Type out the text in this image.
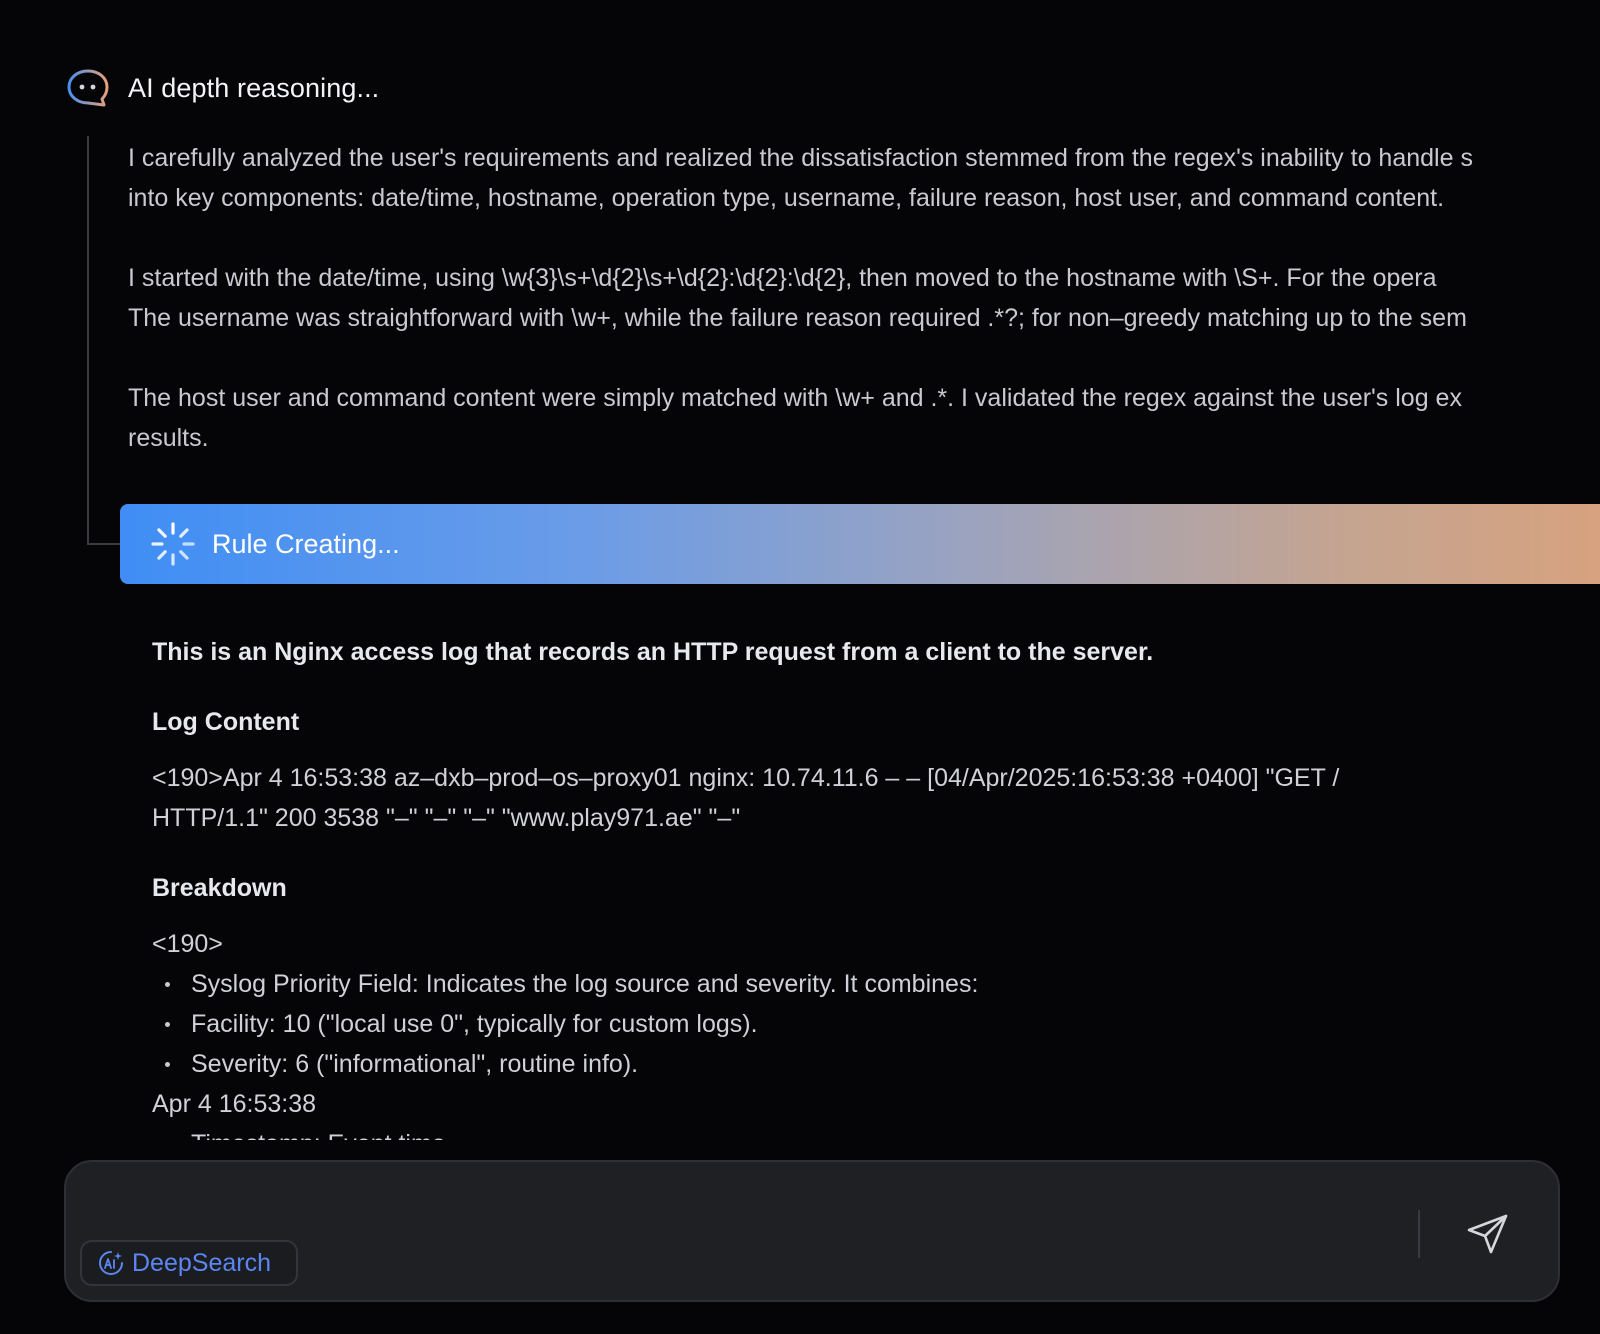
AI depth reasoning...

I carefully analyzed the user's requirements and realized the dissatisfaction stemmed from the regex's inability to handle s
into key components: date/time, hostname, operation type, username, failure reason, host user, and command content.

I started with the date/time, using \w{3}\s+\d{2}\s+\d{2}:\d{2}:\d{2}, then moved to the hostname with \S+. For the opera
The username was straightforward with \w+, while the failure reason required .*?; for non–greedy matching up to the sem

The host user and command content were simply matched with \w+ and .*. I validated the regex against the user's log ex
results.

Rule Creating...

This is an Nginx access log that records an HTTP request from a client to the server.

Log Content

<190>Apr 4 16:53:38 az–dxb–prod–os–proxy01 nginx: 10.74.11.6 – – [04/Apr/2025:16:53:38 +0400] "GET /
HTTP/1.1" 200 3538 "–" "–" "–" "www.play971.ae" "–"

Breakdown

<190>

Syslog Priority Field: Indicates the log source and severity. It combines:
Facility: 10 ("local use 0", typically for custom logs).
Severity: 6 ("informational", routine info).

Apr 4 16:53:38

DeepSearch
